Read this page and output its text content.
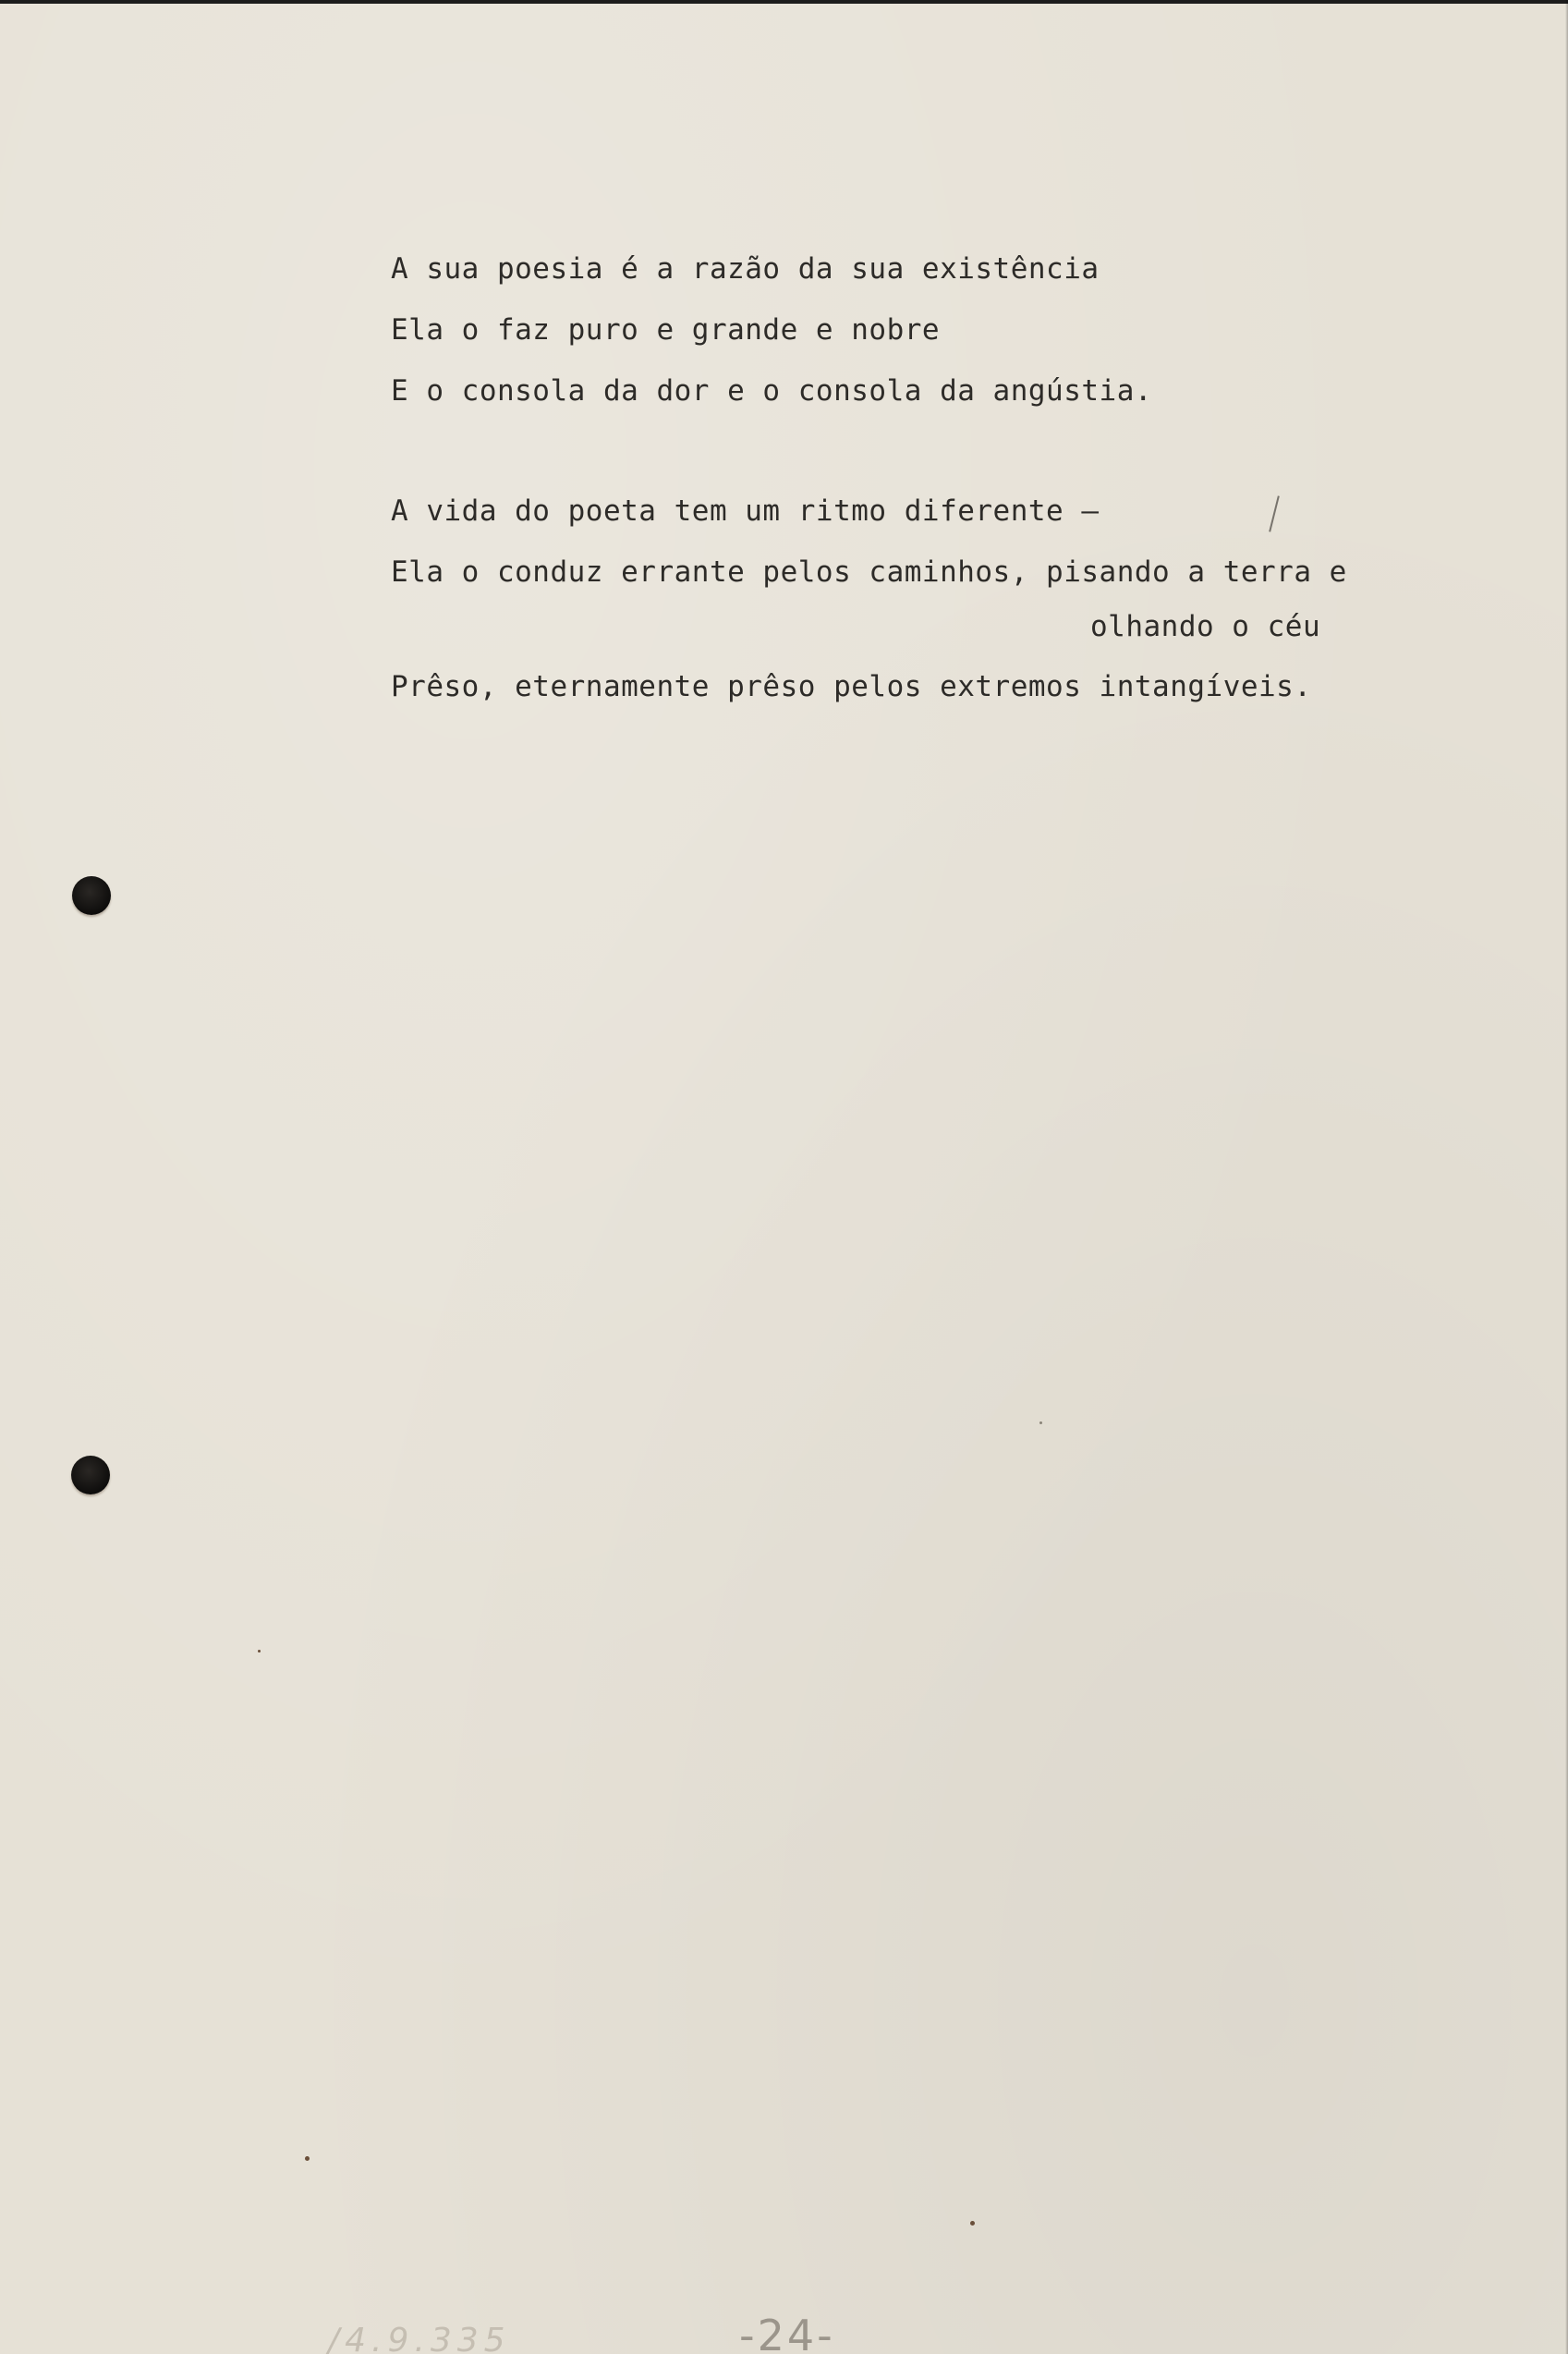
A sua poesia é a razão da sua existência
Ela o faz puro e grande e nobre
E o consola da dor e o consola da angústia.
A vida do poeta tem um ritmo diferente —
Ela o conduz errante pelos caminhos, pisando a terra e
olhando o céu
Prêso, eternamente prêso pelos extremos intangíveis.
/4.9.335	-24-
